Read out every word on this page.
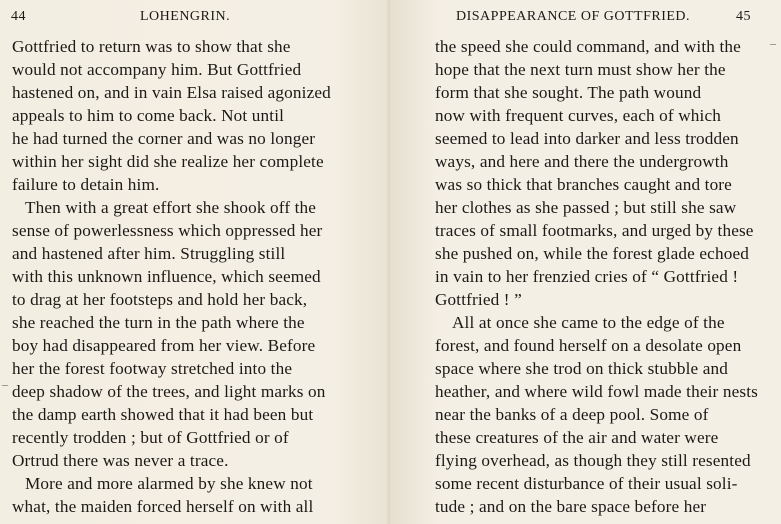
44	LOHENGRIN.
Gottfried to return was to show that she
would not accompany him. But Gottfried
hastened on, and in vain Elsa raised agonized
appeals to him to come back. Not until
he had turned the corner and was no longer
within her sight did she realize her complete
failure to detain him.
Then with a great effort she shook off the
sense of powerlessness which oppressed her
and hastened after him. Struggling still
with this unknown influence, which seemed
to drag at her footsteps and hold her back,
she reached the turn in the path where the
boy had disappeared from her view. Before
her the forest footway stretched into the
deep shadow of the trees, and light marks on
the damp earth showed that it had been but
recently trodden ; but of Gottfried or of
Ortrud there was never a trace.
More and more alarmed by she knew not
what, the maiden forced herself on with all
–
DISAPPEARANCE OF GOTTFRIED.	45
the speed she could command, and with the
hope that the next turn must show her the
form that she sought. The path wound
now with frequent curves, each of which
seemed to lead into darker and less trodden
ways, and here and there the undergrowth
was so thick that branches caught and tore
her clothes as she passed ; but still she saw
traces of small footmarks, and urged by these
she pushed on, while the forest glade echoed
in vain to her frenzied cries of “ Gottfried !
Gottfried ! ”
All at once she came to the edge of the
forest, and found herself on a desolate open
space where she trod on thick stubble and
heather, and where wild fowl made their nests
near the banks of a deep pool. Some of
these creatures of the air and water were
flying overhead, as though they still resented
some recent disturbance of their usual soli-
tude ; and on the bare space before her
–
